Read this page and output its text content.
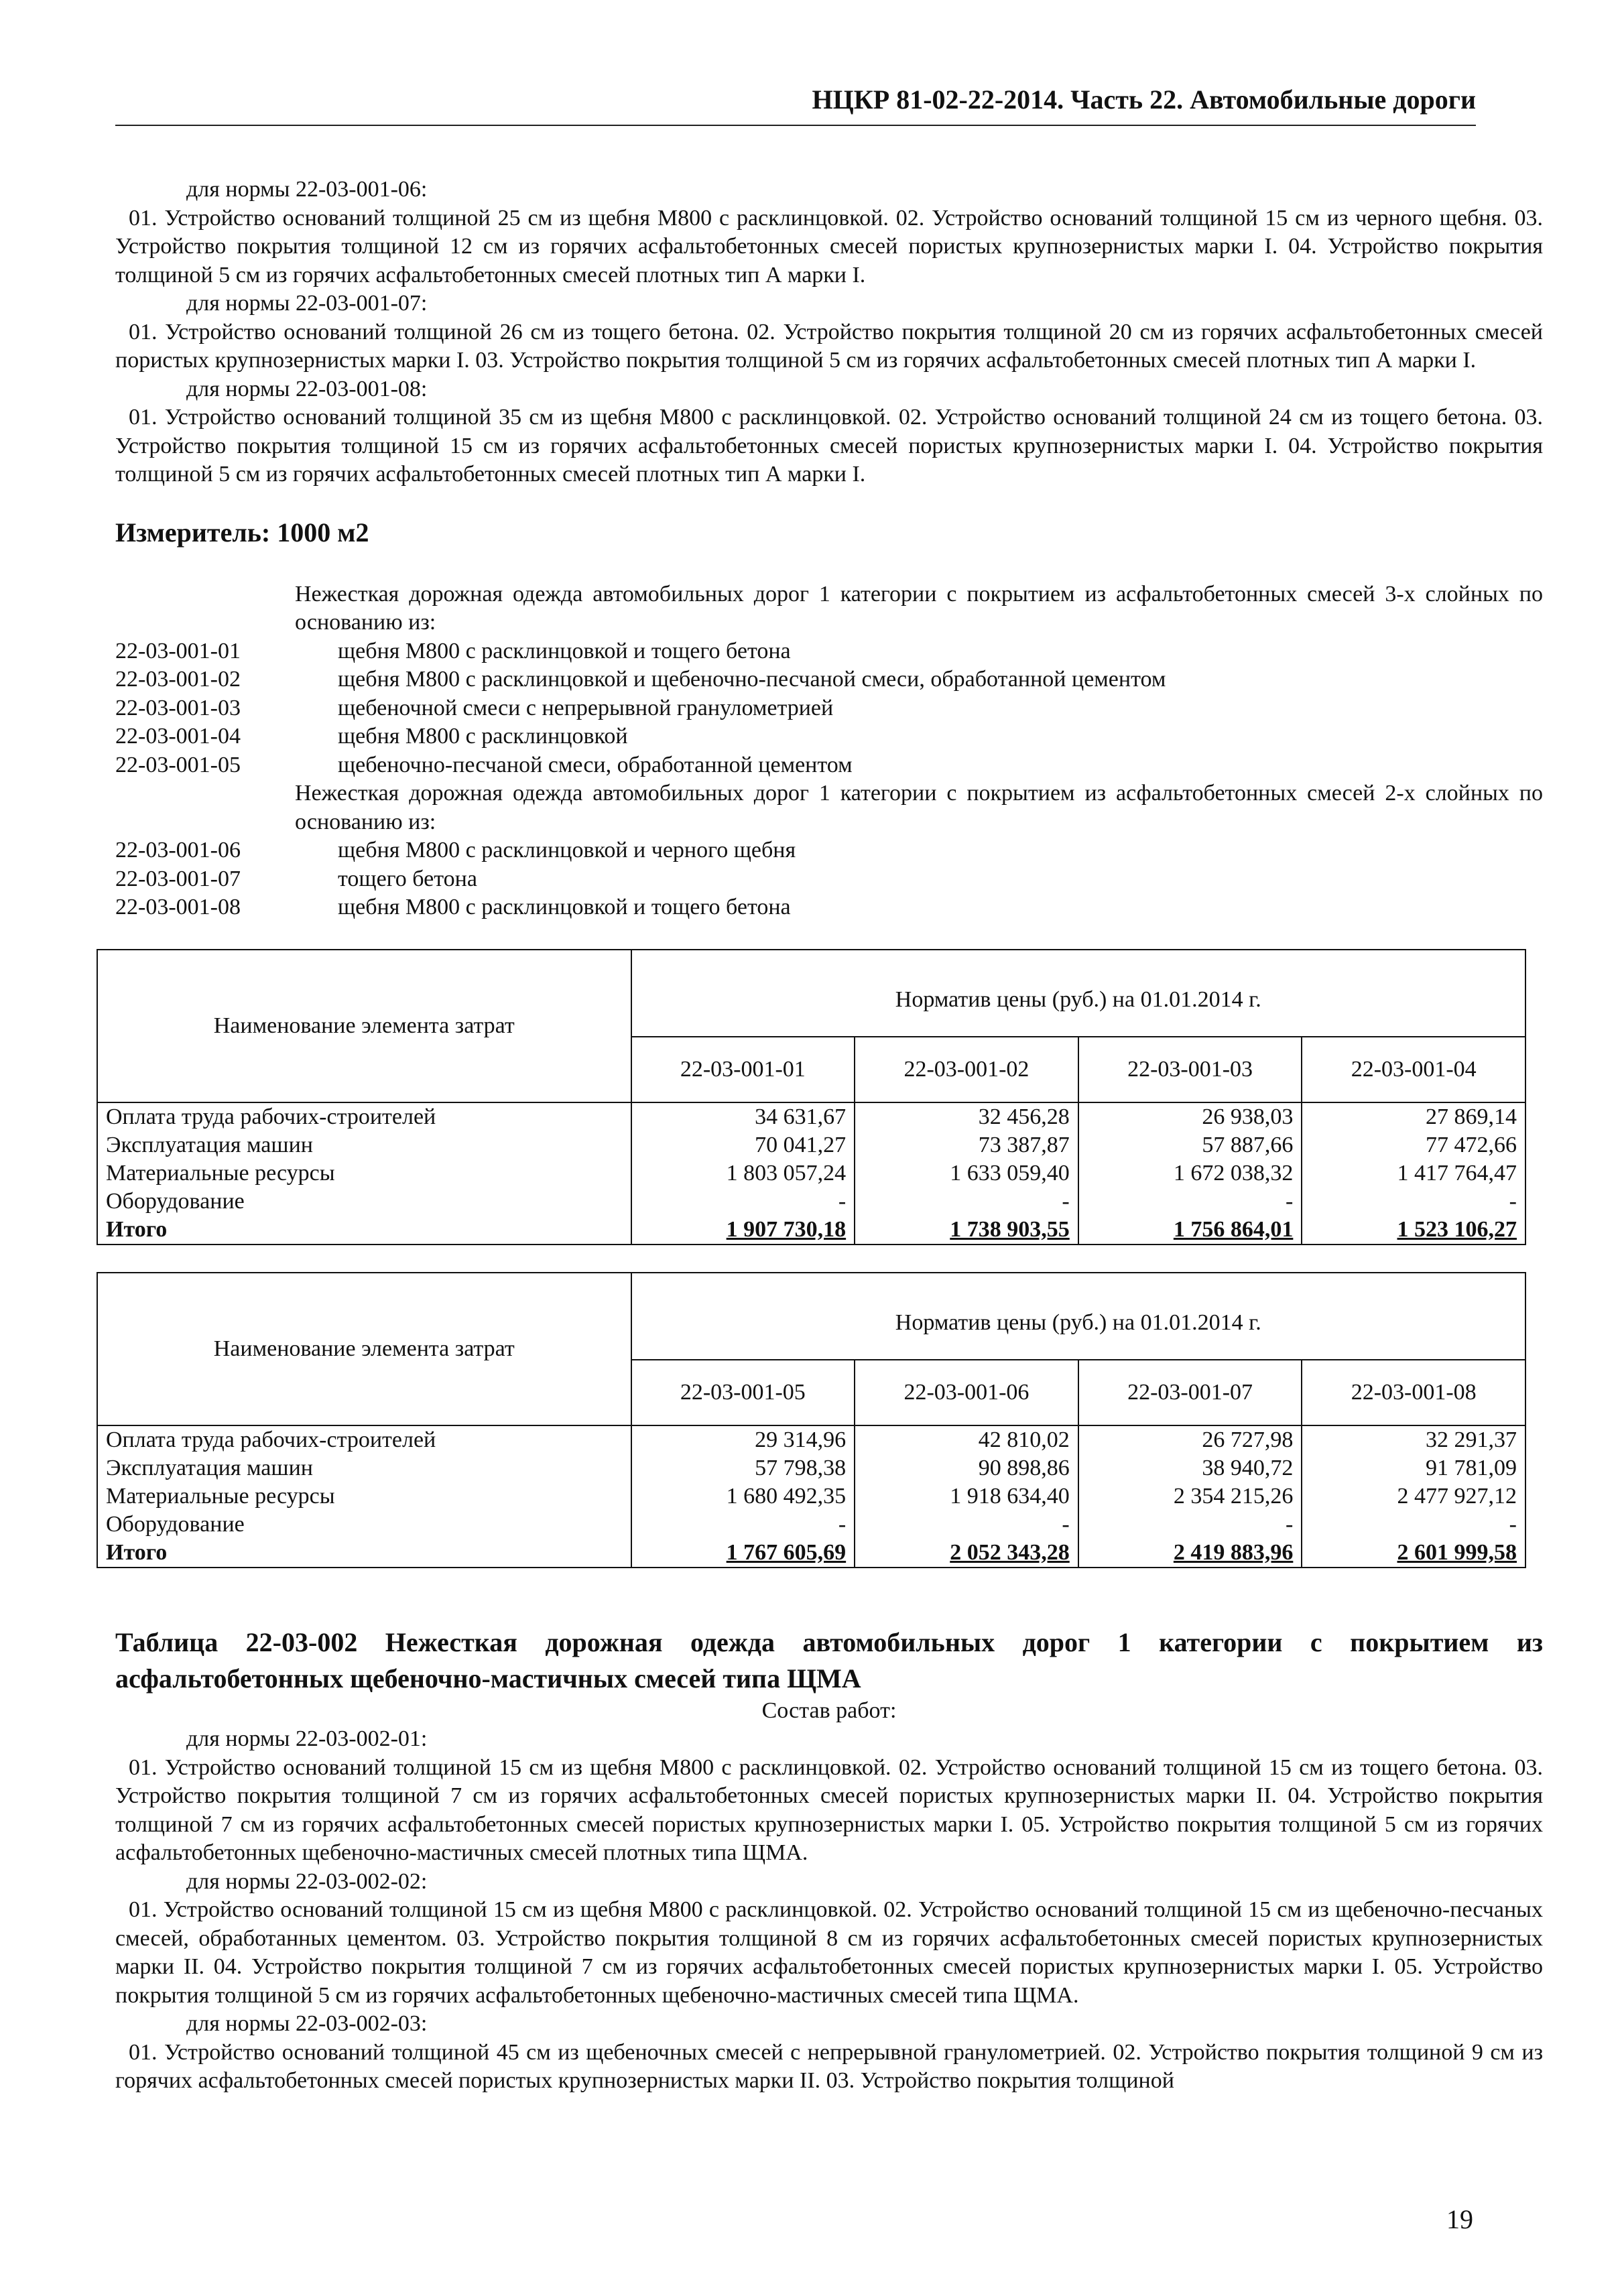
НЦКР 81-02-22-2014. Часть 22. Автомобильные дороги

для нормы 22-03-001-06:

01. Устройство оснований толщиной 25 см из щебня М800 с расклинцовкой. 02. Устройство оснований толщиной 15 см из черного щебня. 03. Устройство покрытия толщиной 12 см из горячих асфальтобетонных смесей пористых крупнозернистых марки I. 04. Устройство покрытия толщиной 5 см из горячих асфальтобетонных смесей плотных тип А марки I.

для нормы 22-03-001-07:

01. Устройство оснований толщиной 26 см из тощего бетона. 02. Устройство покрытия толщиной 20 см из горячих асфальтобетонных смесей пористых крупнозернистых марки I. 03. Устройство покрытия толщиной 5 см из горячих асфальтобетонных смесей плотных тип А марки I.

для нормы 22-03-001-08:

01. Устройство оснований толщиной 35 см из щебня М800 с расклинцовкой. 02. Устройство оснований толщиной 24 см из тощего бетона. 03. Устройство покрытия толщиной 15 см из горячих асфальтобетонных смесей пористых крупнозернистых марки I. 04. Устройство покрытия толщиной 5 см из горячих асфальтобетонных смесей плотных тип А марки I.

Измеритель: 1000 м2

Нежесткая дорожная одежда автомобильных дорог 1 категории с покрытием из асфальтобетонных смесей 3-х слойных по основанию из:
22-03-001-01	щебня М800 с расклинцовкой и тощего бетона
22-03-001-02	щебня М800 с расклинцовкой и щебеночно-песчаной смеси, обработанной цементом
22-03-001-03	щебеночной смеси с непрерывной гранулометрией
22-03-001-04	щебня М800 с расклинцовкой
22-03-001-05	щебеночно-песчаной смеси, обработанной цементом
Нежесткая дорожная одежда автомобильных дорог 1 категории с покрытием из асфальтобетонных смесей 2-х слойных по основанию из:
22-03-001-06	щебня М800 с расклинцовкой и черного щебня
22-03-001-07	тощего бетона
22-03-001-08	щебня М800 с расклинцовкой и тощего бетона
Наименование элемента затрат	Норматив цены (руб.) на 01.01.2014 г.			
	22-03-001-01	22-03-001-02	22-03-001-03	22-03-001-04
Оплата труда рабочих-строителей	34 631,67	32 456,28	26 938,03	27 869,14
Эксплуатация машин	70 041,27	73 387,87	57 887,66	77 472,66
Материальные ресурсы	1 803 057,24	1 633 059,40	1 672 038,32	1 417 764,47
Оборудование	-	-	-	-
Итого	1 907 730,18	1 738 903,55	1 756 864,01	1 523 106,27
Наименование элемента затрат	Норматив цены (руб.) на 01.01.2014 г.			
	22-03-001-05	22-03-001-06	22-03-001-07	22-03-001-08
Оплата труда рабочих-строителей	29 314,96	42 810,02	26 727,98	32 291,37
Эксплуатация машин	57 798,38	90 898,86	38 940,72	91 781,09
Материальные ресурсы	1 680 492,35	1 918 634,40	2 354 215,26	2 477 927,12
Оборудование	-	-	-	-
Итого	1 767 605,69	2 052 343,28	2 419 883,96	2 601 999,58

Таблица 22-03-002 Нежесткая дорожная одежда автомобильных дорог 1 категории с покрытием из асфальтобетонных щебеночно-мастичных смесей типа ЩМА

Состав работ:

для нормы 22-03-002-01:

01. Устройство оснований толщиной 15 см из щебня М800 с расклинцовкой. 02. Устройство оснований толщиной 15 см из тощего бетона. 03. Устройство покрытия толщиной 7 см из горячих асфальтобетонных смесей пористых крупнозернистых марки II. 04. Устройство покрытия толщиной 7 см из горячих асфальтобетонных смесей пористых крупнозернистых марки I. 05. Устройство покрытия толщиной 5 см из горячих асфальтобетонных щебеночно-мастичных смесей плотных типа ЩМА.

для нормы 22-03-002-02:

01. Устройство оснований толщиной 15 см из щебня М800 с расклинцовкой. 02. Устройство оснований толщиной 15 см из щебеночно-песчаных смесей, обработанных цементом. 03. Устройство покрытия толщиной 8 см из горячих асфальтобетонных смесей пористых крупнозернистых марки II. 04. Устройство покрытия толщиной 7 см из горячих асфальтобетонных смесей пористых крупнозернистых марки I. 05. Устройство покрытия толщиной 5 см из горячих асфальтобетонных щебеночно-мастичных смесей типа ЩМА.

для нормы 22-03-002-03:

01. Устройство оснований толщиной 45 см из щебеночных смесей с непрерывной гранулометрией. 02. Устройство покрытия толщиной 9 см из горячих асфальтобетонных смесей пористых крупнозернистых марки II. 03. Устройство покрытия толщиной

19
